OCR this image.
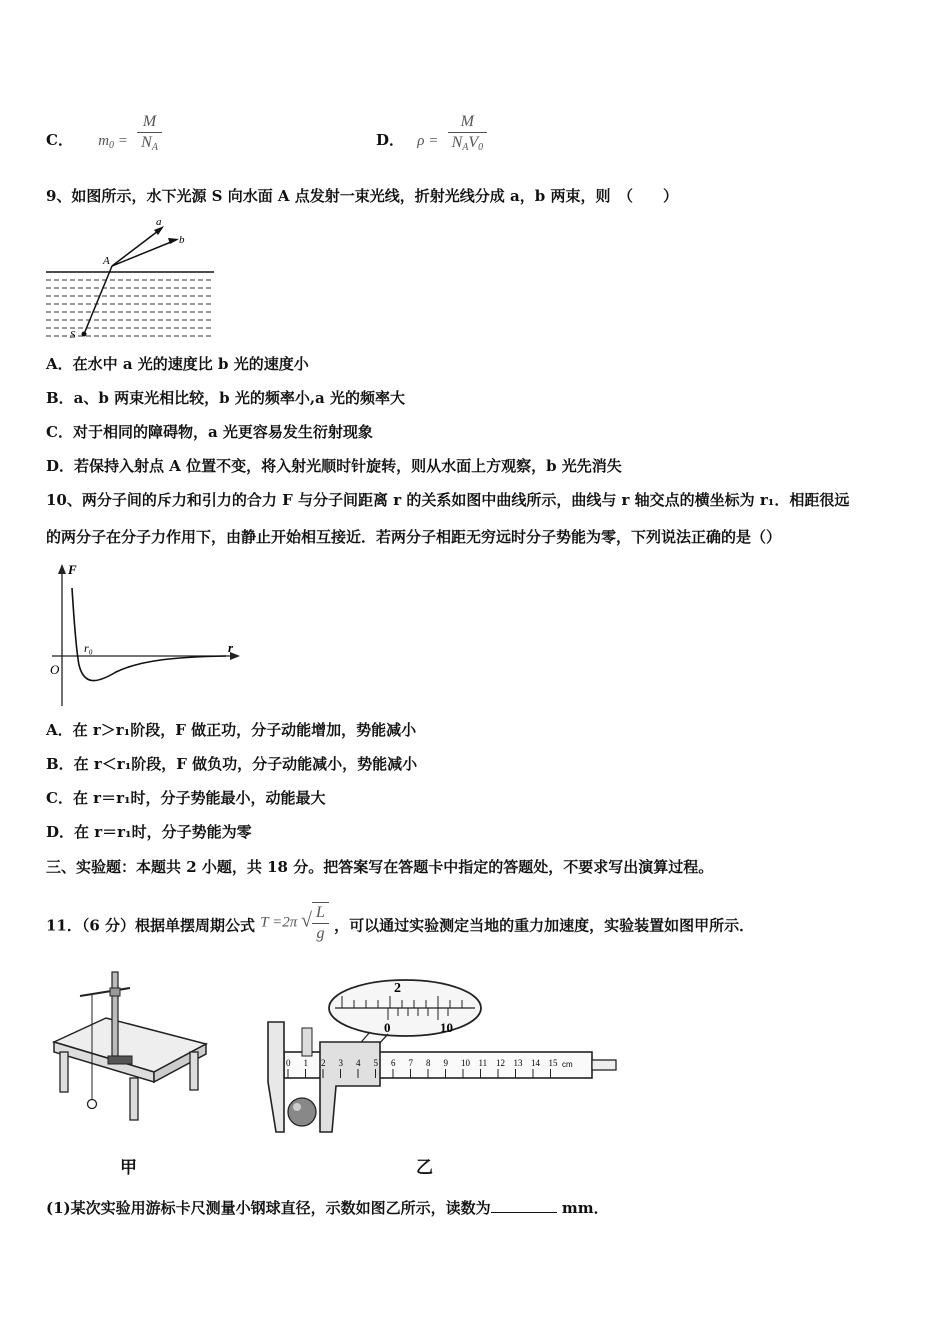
C． $m_0 = \frac{M}{N_A}$	D． $\rho = \frac{M}{N_AV_0}$
9、如图所示，水下光源 S 向水面 A 点发射一束光线，折射光线分成 a，b 两束，则　（　　）
a
b
A
S
A．在水中 a 光的速度比 b 光的速度小
B．a、b 两束光相比较，b 光的频率小,a 光的频率大
C．对于相同的障碍物，a 光更容易发生衍射现象
D．若保持入射点 A 位置不变，将入射光顺时针旋转，则从水面上方观察，b 光先消失
10、两分子间的斥力和引力的合力 F 与分子间距离 r 的关系如图中曲线所示，曲线与 r 轴交点的横坐标为 r₁．相距很远
的两分子在分子力作用下，由静止开始相互接近．若两分子相距无穷远时分子势能为零，下列说法正确的是（）
F
r
O
r₀
A．在 r＞r₁阶段，F 做正功，分子动能增加，势能减小
B．在 r＜r₁阶段，F 做负功，分子动能减小，势能减小
C．在 r＝r₁时，分子势能最小，动能最大
D．在 r＝r₁时，分子势能为零
三、实验题：本题共 2 小题，共 18 分。把答案写在答题卡中指定的答题处，不要求写出演算过程。
11．（6 分）根据单摆周期公式 T =2π √ $\frac{L}{g}$ ，可以通过实验测定当地的重力加速度，实验装置如图甲所示．
甲
2
0	10
cm
0 1 2 3 4 5 6 7 8 9 10 11 12 13 14 15
乙
(1)某次实验用游标卡尺测量小钢球直径，示数如图乙所示，读数为	mm．
